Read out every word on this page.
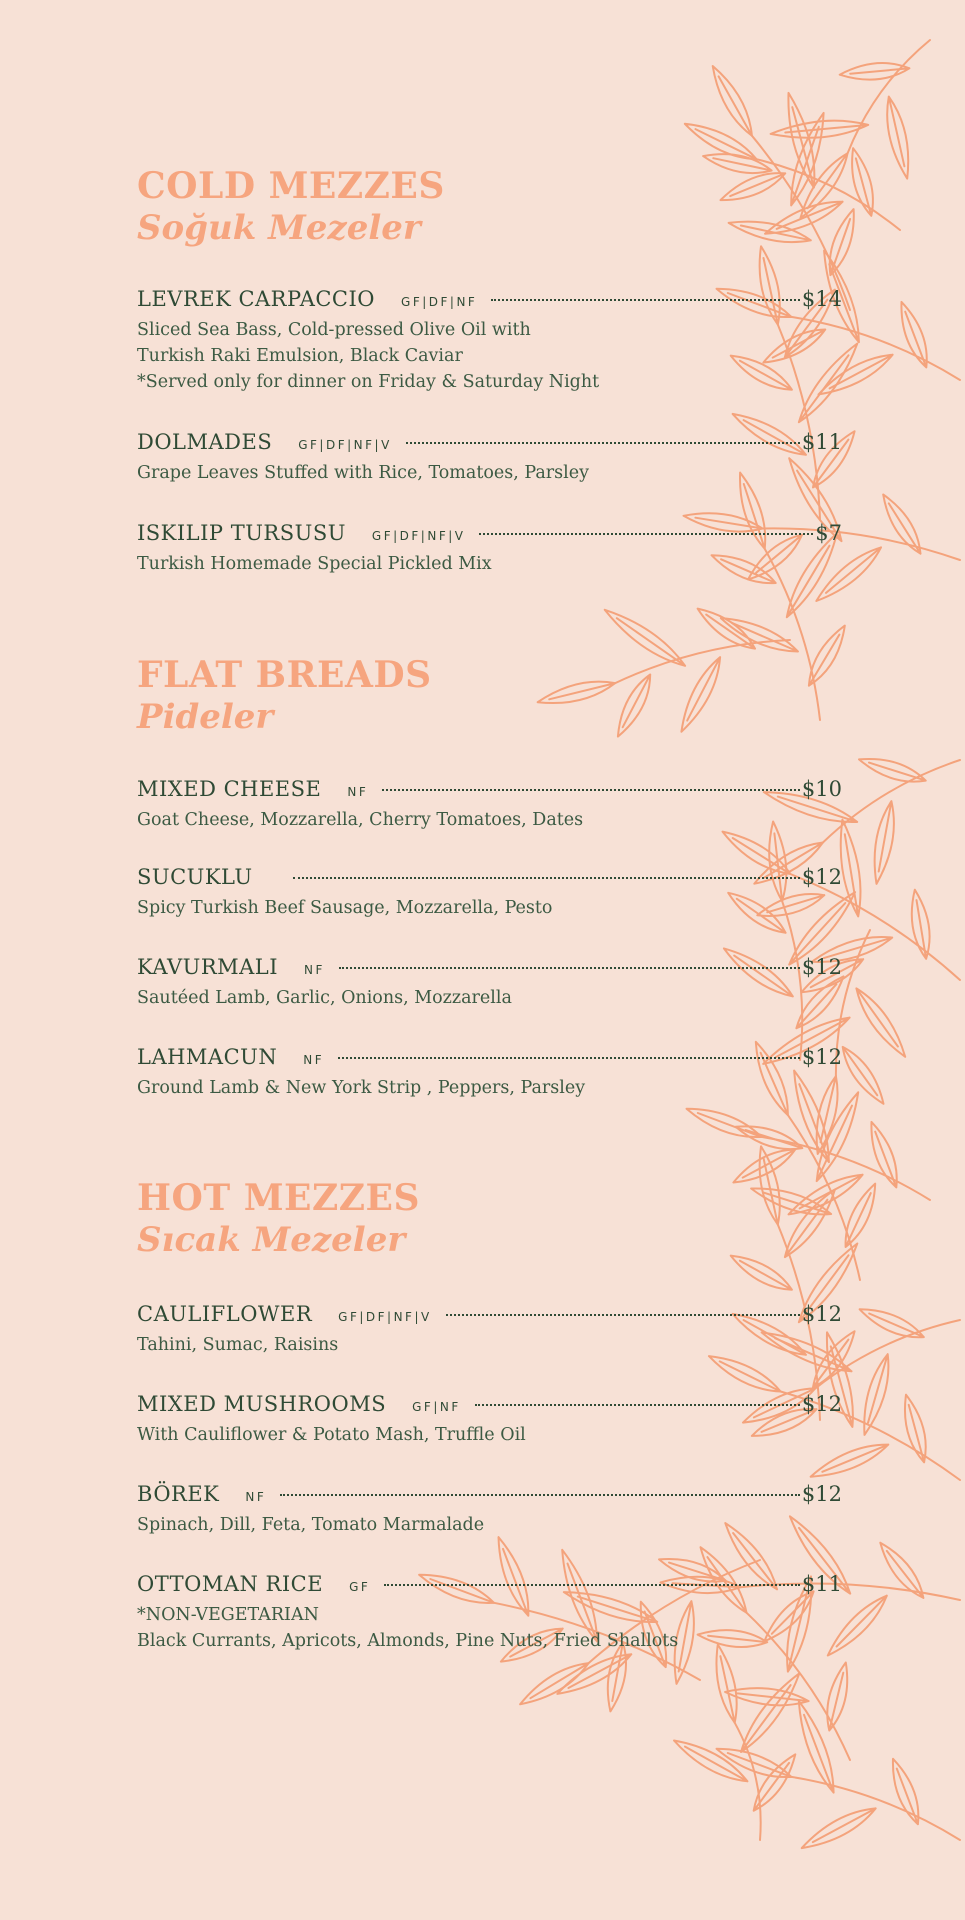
COLD MEZZES
Soğuk Mezeler
LEVREK CARPACCIO GF|DF|NF	$14

Sliced Sea Bass, Cold-pressed Olive Oil with

Turkish Raki Emulsion, Black Caviar

*Served only for dinner on Friday & Saturday Night

DOLMADES GF|DF|NF|V	$11

Grape Leaves Stuffed with Rice, Tomatoes, Parsley

ISKILIP TURSUSU GF|DF|NF|V	$7

Turkish Homemade Special Pickled Mix

FLAT BREADS
Pideler
MIXED CHEESE NF	$10

Goat Cheese, Mozzarella, Cherry Tomatoes, Dates

SUCUKLU	$12

Spicy Turkish Beef Sausage, Mozzarella, Pesto

KAVURMALI NF	$12

Sautéed Lamb, Garlic, Onions, Mozzarella

LAHMACUN NF	$12

Ground Lamb & New York Strip , Peppers, Parsley

HOT MEZZES
Sıcak Mezeler
CAULIFLOWER GF|DF|NF|V	$12

Tahini, Sumac, Raisins

MIXED MUSHROOMS GF|NF	$12

With Cauliflower & Potato Mash, Truffle Oil

BÖREK NF	$12

Spinach, Dill, Feta, Tomato Marmalade

OTTOMAN RICE GF	$11

*NON-VEGETARIAN

Black Currants, Apricots, Almonds, Pine Nuts, Fried Shallots
